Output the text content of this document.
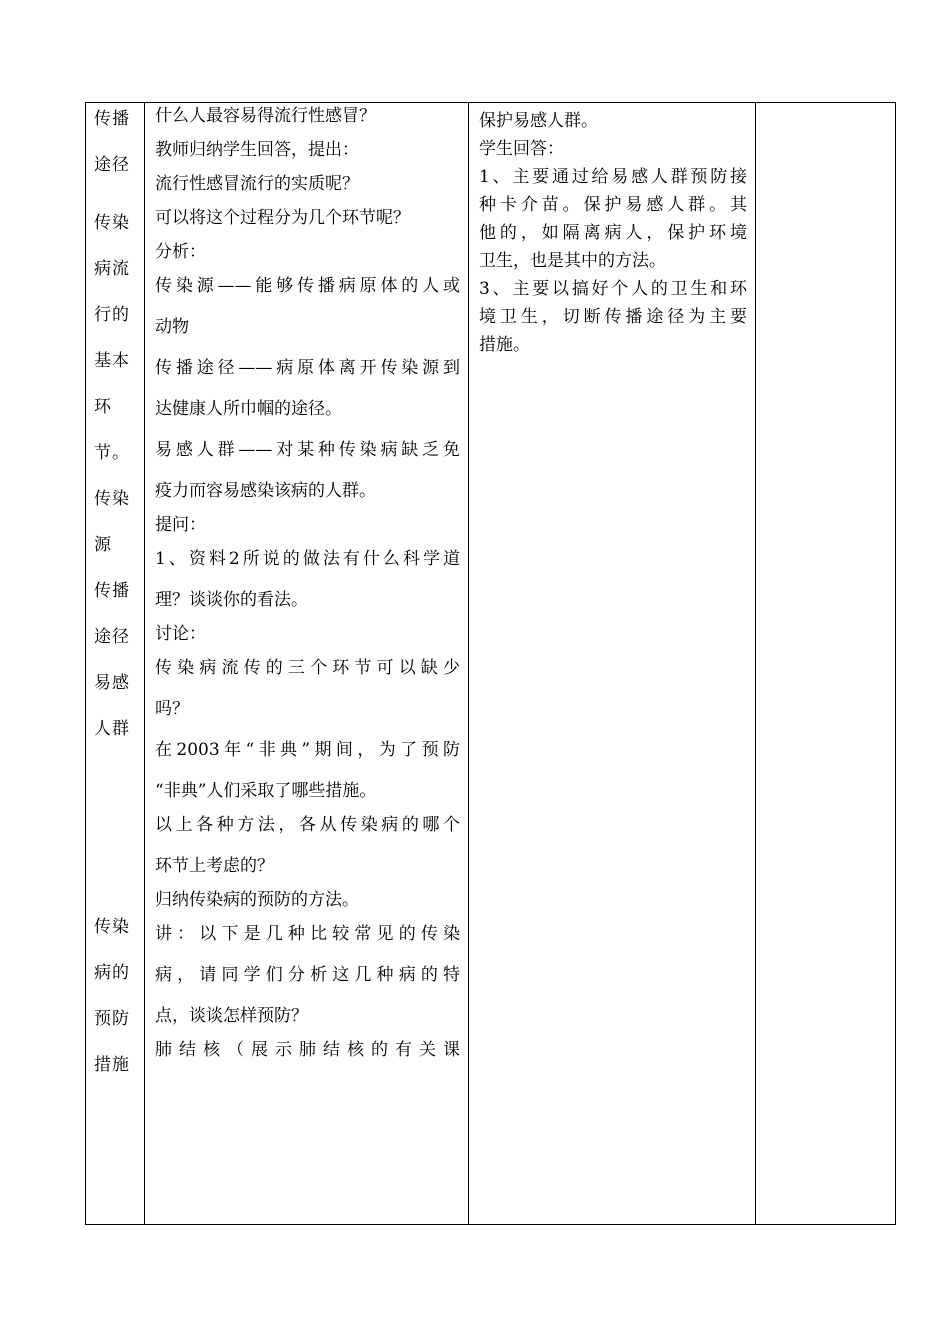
传播
途径
传染
病流
行的
基本
环
节。
传染
源
传播
途径
易感
人群
传染
病的
预防
措施

什么人最容易得流行性感冒？
教师归纳学生回答，提出：
流行性感冒流行的实质呢？
可以将这个过程分为几个环节呢？
分析：
传染源——能够传播病原体的人或
动物
传播途径——病原体离开传染源到
达健康人所巾帼的途径。
易感人群——对某种传染病缺乏免
疫力而容易感染该病的人群。
提问：
1、资料2所说的做法有什么科学道
理？谈谈你的看法。
讨论：
传染病流传的三个环节可以缺少
吗？
在2003年“非典”期间，为了预防
“非典”人们采取了哪些措施。
以上各种方法，各从传染病的哪个
环节上考虑的？
归纳传染病的预防的方法。
讲：以下是几种比较常见的传染
病，请同学们分析这几种病的特
点，谈谈怎样预防？
肺结核（展示肺结核的有关课

保护易感人群。
学生回答：
1、主要通过给易感人群预防接
种卡介苗。保护易感人群。其
他的，如隔离病人，保护环境
卫生，也是其中的方法。
3、主要以搞好个人的卫生和环
境卫生，切断传播途径为主要
措施。
